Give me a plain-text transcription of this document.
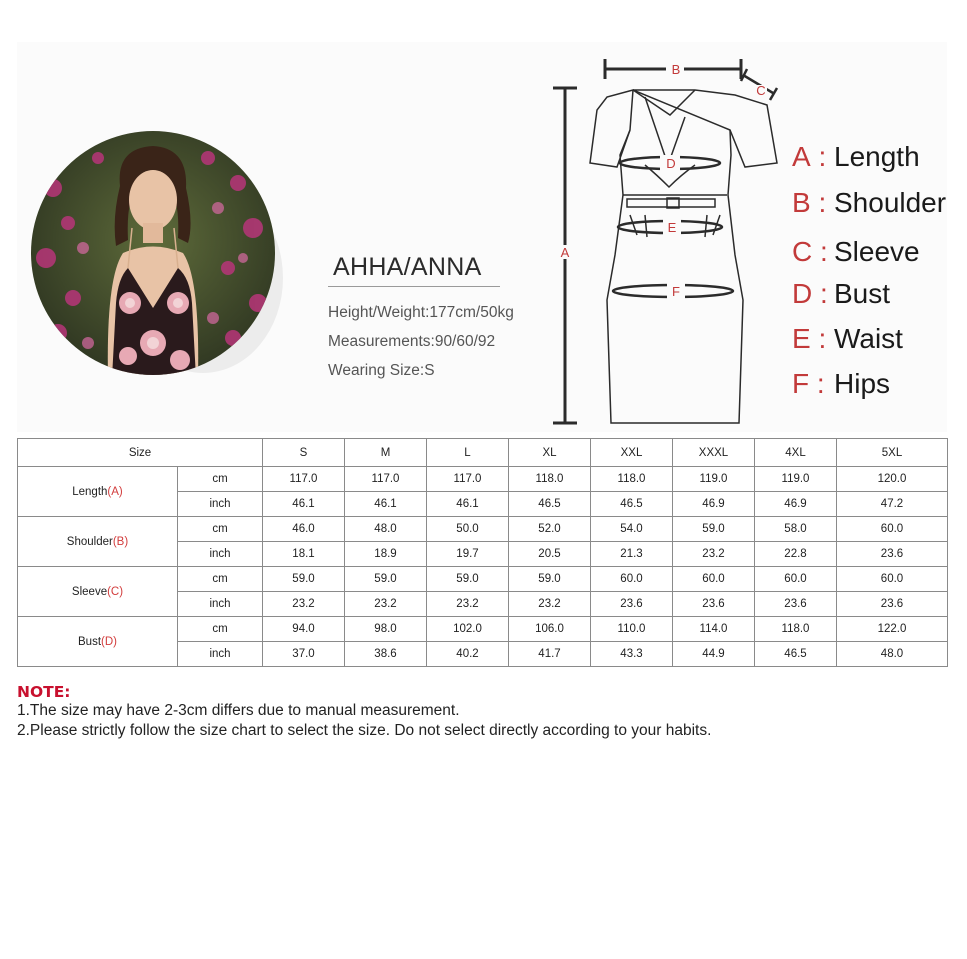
AHHA/ANNA
Height/Weight:177cm/50kg
Measurements:90/60/92
Wearing Size:S
A
B
C
D
E
F
A : Length
B : Shoulder
C : Sleeve
D : Bust
E : Waist
F : Hips
Size		S	M	L	XL	XXL	XXXL	4XL	5XL
Length(A)	cm	117.0	117.0	117.0	118.0	118.0	119.0	119.0	120.0
	inch	46.1	46.1	46.1	46.5	46.5	46.9	46.9	47.2
Shoulder(B)	cm	46.0	48.0	50.0	52.0	54.0	59.0	58.0	60.0
	inch	18.1	18.9	19.7	20.5	21.3	23.2	22.8	23.6
Sleeve(C)	cm	59.0	59.0	59.0	59.0	60.0	60.0	60.0	60.0
	inch	23.2	23.2	23.2	23.2	23.6	23.6	23.6	23.6
Bust(D)	cm	94.0	98.0	102.0	106.0	110.0	114.0	118.0	122.0
	inch	37.0	38.6	40.2	41.7	43.3	44.9	46.5	48.0
NOTE:
1.The size may have 2-3cm differs due to manual measurement.
2.Please strictly follow the size chart to select the size. Do not select directly according to your habits.
